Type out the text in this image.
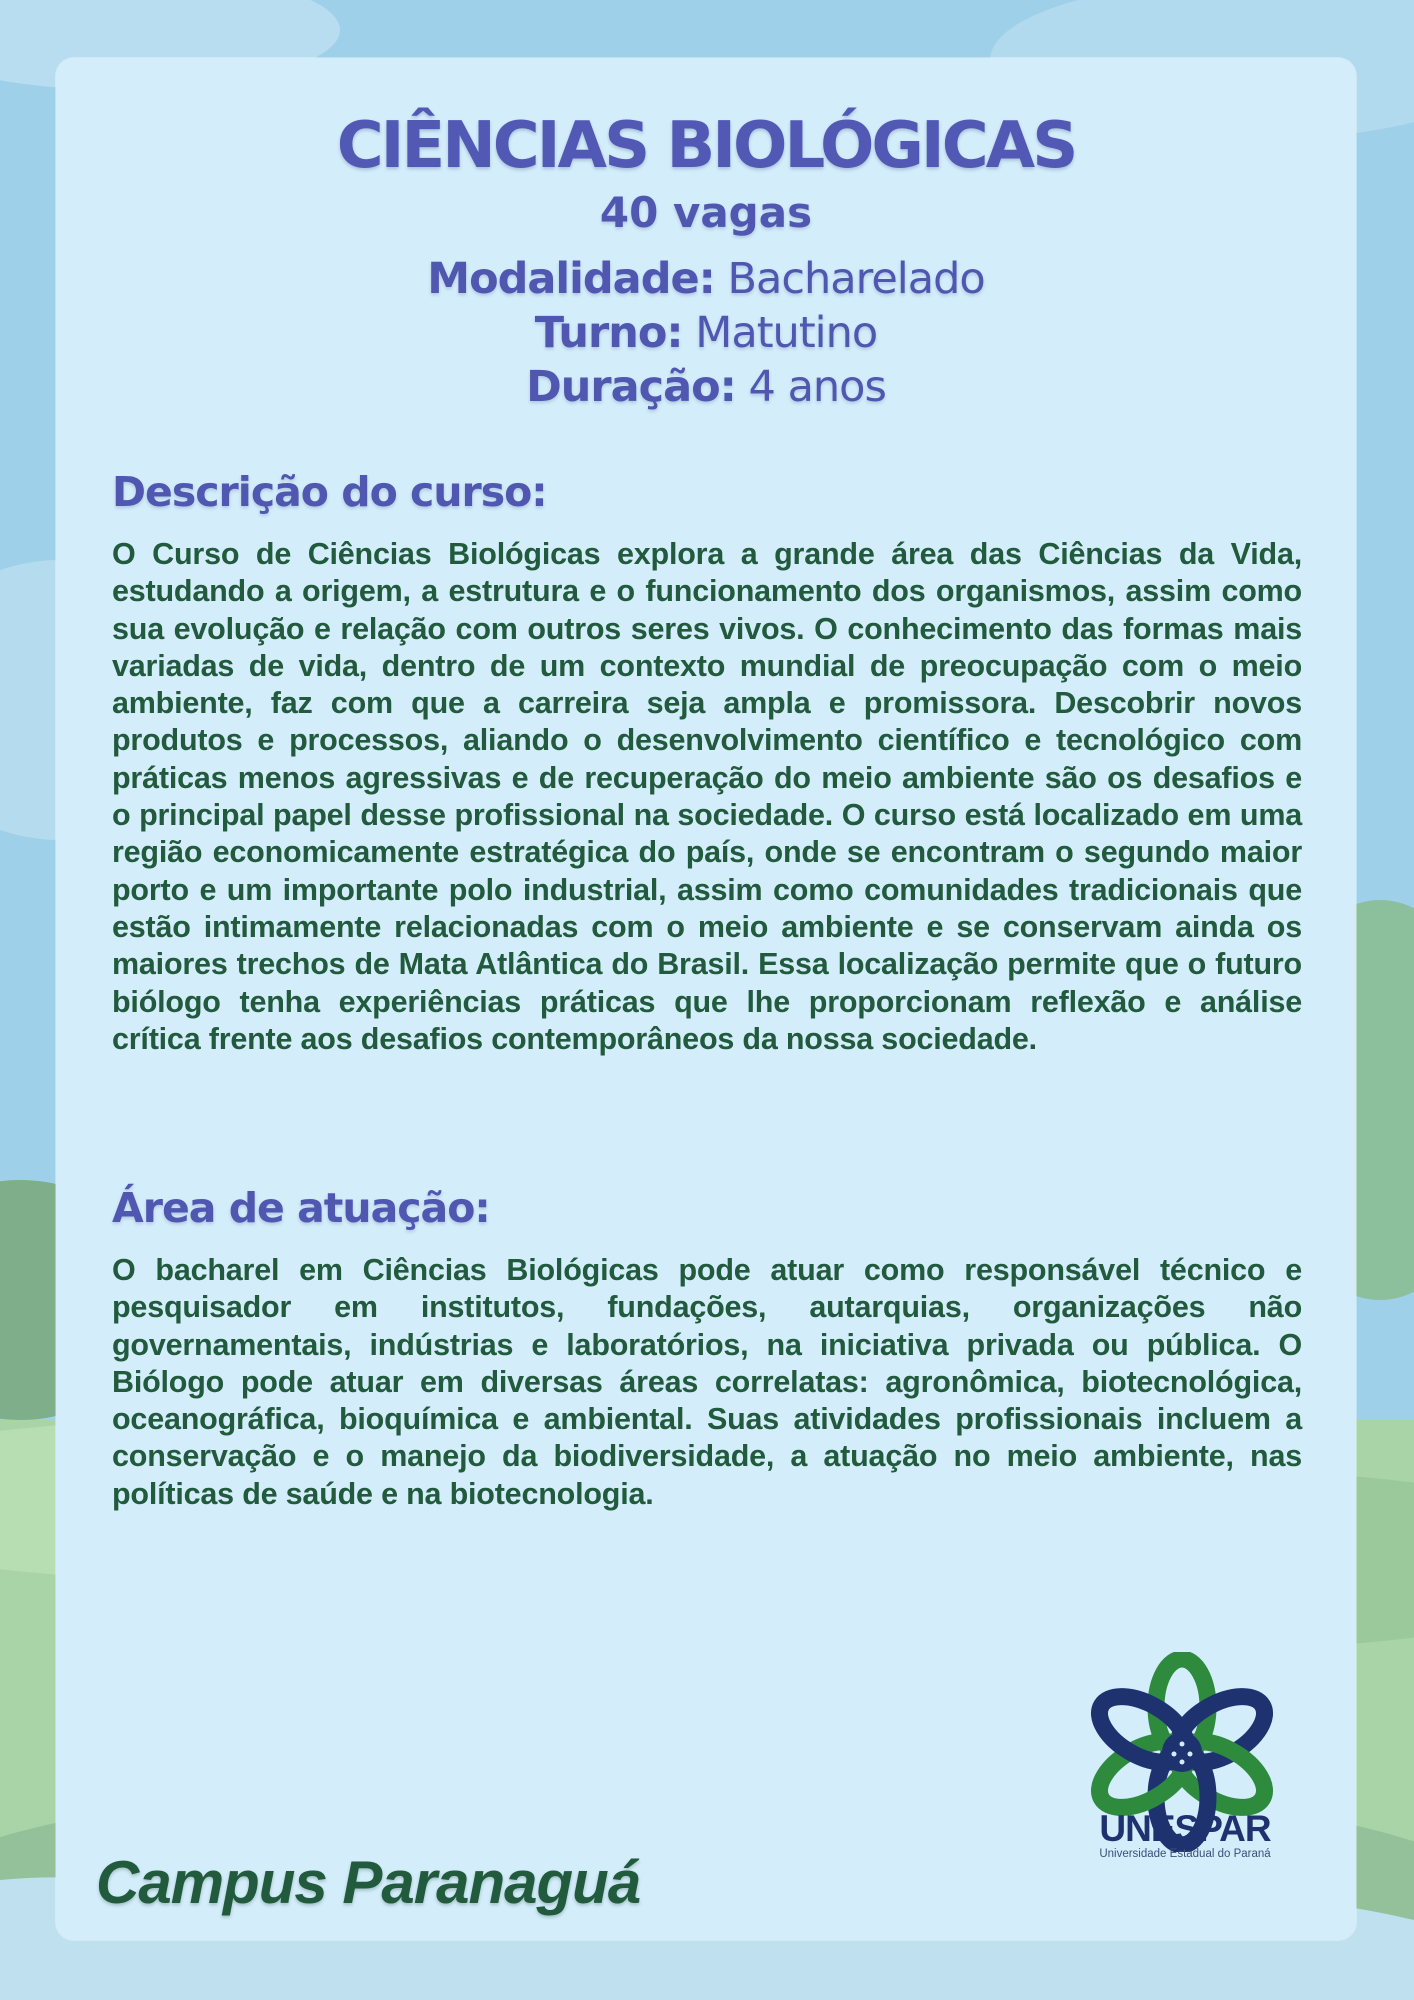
CIÊNCIAS BIOLÓGICAS
40 vagas
Modalidade: Bacharelado
Turno: Matutino
Duração: 4 anos
Descrição do curso:
O Curso de Ciências Biológicas explora a grande área das Ciências da Vida, estudando a origem, a estrutura e o funcionamento dos organismos, assim como sua evolução e relação com outros seres vivos. O conhecimento das formas mais variadas de vida, dentro de um contexto mundial de preocupação com o meio ambiente, faz com que a carreira seja ampla e promissora. Descobrir novos produtos e processos, aliando o desenvolvimento científico e tecnológico com práticas menos agressivas e de recuperação do meio ambiente são os desafios e o principal papel desse profissional na sociedade. O curso está localizado em uma região economicamente estratégica do país, onde se encontram o segundo maior porto e um importante polo industrial, assim como comunidades tradicionais que estão intimamente relacionadas com o meio ambiente e se conservam ainda os maiores trechos de Mata Atlântica do Brasil. Essa localização permite que o futuro biólogo tenha experiências práticas que lhe proporcionam reflexão e análise crítica frente aos desafios contemporâneos da nossa sociedade.
Área de atuação:
O bacharel em Ciências Biológicas pode atuar como responsável técnico e pesquisador em institutos, fundações, autarquias, organizações não governamentais, indústrias e laboratórios, na iniciativa privada ou pública. O Biólogo pode atuar em diversas áreas correlatas: agronômica, biotecnológica, oceanográfica, bioquímica e ambiental. Suas atividades profissionais incluem a conservação e o manejo da biodiversidade, a atuação no meio ambiente, nas políticas de saúde e na biotecnologia.
Campus Paranaguá
UNESPAR
Universidade Estadual do Paraná
